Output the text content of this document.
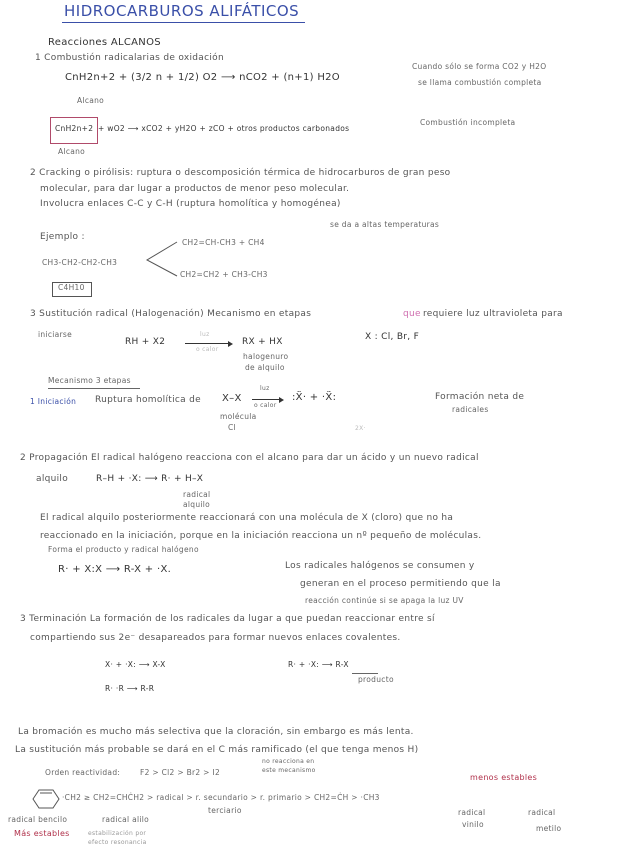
HIDROCARBUROS ALIFÁTICOS
Reacciones ALCANOS
1 Combustión radicalarias de oxidación
CnH2n+2 + (3/2 n + 1/2) O2 ⟶ nCO2 + (n+1) H2O
Alcano
Cuando sólo se forma CO2 y H2O
se llama combustión completa
CnH2n+2 + wO2 ⟶ xCO2 + yH2O + zCO + otros productos carbonados
Alcano
Combustión incompleta
2 Cracking o pirólisis: ruptura o descomposición térmica de hidrocarburos de gran peso
molecular, para dar lugar a productos de menor peso molecular.
Involucra enlaces C-C y C-H (ruptura homolítica y homogénea)
se da a altas temperaturas
Ejemplo :
CH3-CH2-CH2-CH3
CH2=CH-CH3 + CH4
CH2=CH2 + CH3-CH3
C4H10
3 Sustitución radical (Halogenación) Mecanismo en etapas	que requiere luz ultravioleta para
iniciarse
RH + X2 →
luz
o calor
RX + HX
halogenuro
de alquilo
X : Cl, Br, F
Mecanismo 3 etapas
1 Iniciación Ruptura homolítica de X–X
luz
o calor
:Ẍ· + ·Ẍ:
molécula
Cl	2X·
Formación neta de
radicales
2 Propagación El radical halógeno reacciona con el alcano para dar un ácido y un nuevo radical
alquilo	R–H + ·X: ⟶ R· + H–X
radical
alquilo
El radical alquilo posteriormente reaccionará con una molécula de X (cloro) que no ha
reaccionado en la iniciación, porque en la iniciación reacciona un nº pequeño de moléculas.
Forma el producto y radical halógeno
R· + X:X ⟶ R-X + ·X.	Los radicales halógenos se consumen y
generan en el proceso permitiendo que la
reacción continúe si se apaga la luz UV
3 Terminación La formación de los radicales da lugar a que puedan reaccionar entre sí
compartiendo sus 2e⁻ desapareados para formar nuevos enlaces covalentes.
X· + ·X: ⟶ X-X	R· + ·X: ⟶ R-X
producto
R· ·R ⟶ R-R
La bromación es mucho más selectiva que la cloración, sin embargo es más lenta.
La sustitución más probable se dará en el C más ramificado (el que tenga menos H)
Orden reactividad:	F2 > Cl2 > Br2 > I2
no reacciona en
este mecanismo
menos estables
·CH2 ≥ CH2=CHĊH2 > radical > r. secundario > r. primario > CH2=ĊH > ·CH3
radical bencilo	radical alilo
terciario	radical
vinilo
radical
metilo
Más estables	estabilización por
efecto resonancia
